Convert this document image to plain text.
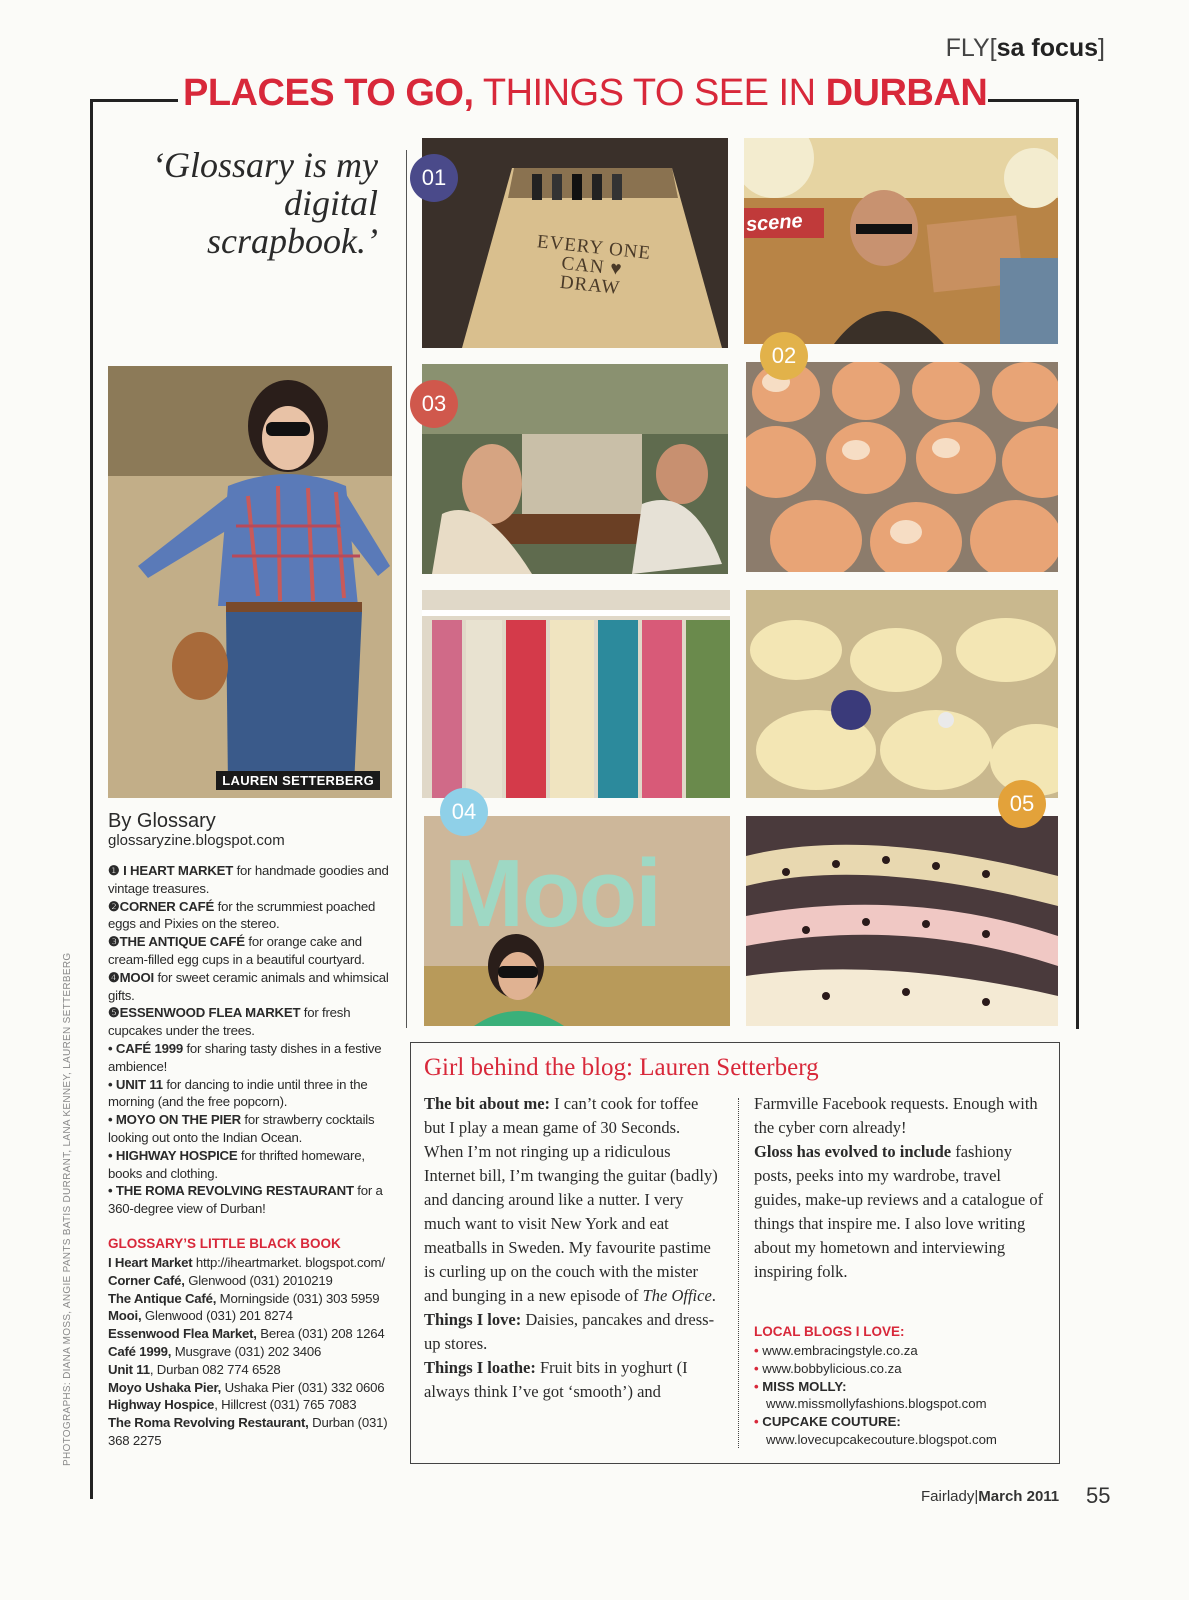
FLY[sa focus]
PLACES TO GO, THINGS TO SEE IN DURBAN
‘Glossary is my digital scrapbook.’
LAUREN SETTERBERG
By Glossary
glossaryzine.blogspot.com
❶ I HEART MARKET for handmade goodies and vintage treasures.
❷CORNER CAFÉ for the scrummiest poached eggs and Pixies on the stereo.
❸THE ANTIQUE CAFÉ for orange cake and cream-filled egg cups in a beautiful courtyard.
❹MOOI for sweet ceramic animals and whimsical gifts.
❺ESSENWOOD FLEA MARKET for fresh cupcakes under the trees.
• CAFÉ 1999 for sharing tasty dishes in a festive ambience!
• UNIT 11 for dancing to indie until three in the morning (and the free popcorn).
• MOYO ON THE PIER for strawberry cocktails looking out onto the Indian Ocean.
• HIGHWAY HOSPICE for thrifted homeware, books and clothing.
• THE ROMA REVOLVING RESTAURANT for a 360-degree view of Durban!
GLOSSARY’S LITTLE BLACK BOOK
I Heart Market http://iheartmarket. blogspot.com/
Corner Café, Glenwood (031) 2010219
The Antique Café, Morningside (031) 303 5959
Mooi, Glenwood (031) 201 8274
Essenwood Flea Market, Berea (031) 208 1264
Café 1999, Musgrave (031) 202 3406
Unit 11, Durban 082 774 6528
Moyo Ushaka Pier, Ushaka Pier (031) 332 0606
Highway Hospice, Hillcrest (031) 765 7083
The Roma Revolving Restaurant, Durban (031) 368 2275
PHOTOGRAPHS: DIANA MOSS, ANGIE PANTS BATIS DURRANT, LANA KENNEY, LAUREN SETTERBERG
EVERY ONE CAN ♥ DRAW
01
scene
02
03
05
Mooi
04
Girl behind the blog: Lauren Setterberg

The bit about me: I can’t cook for toffee but I play a mean game of 30 Seconds. When I’m not ringing up a ridiculous Internet bill, I’m twanging the guitar (badly) and dancing around like a nutter. I very much want to visit New York and eat meatballs in Sweden. My favourite pastime is curling up on the couch with the mister and bunging in a new episode of The Office.

Things I love: Daisies, pancakes and dress-up stores.

Things I loathe: Fruit bits in yoghurt (I always think I’ve got ‘smooth’) and

Farmville Facebook requests. Enough with the cyber corn already!

Gloss has evolved to include fashiony posts, peeks into my wardrobe, travel guides, make-up reviews and a catalogue of things that inspire me. I also love writing about my hometown and interviewing inspiring folk.

LOCAL BLOGS I LOVE:
• www.embracingstyle.co.za
• www.bobbylicious.co.za
• MISS MOLLY:
www.missmollyfashions.blogspot.com
• CUPCAKE COUTURE:
www.lovecupcakecouture.blogspot.com
Fairlady|March 2011 55
